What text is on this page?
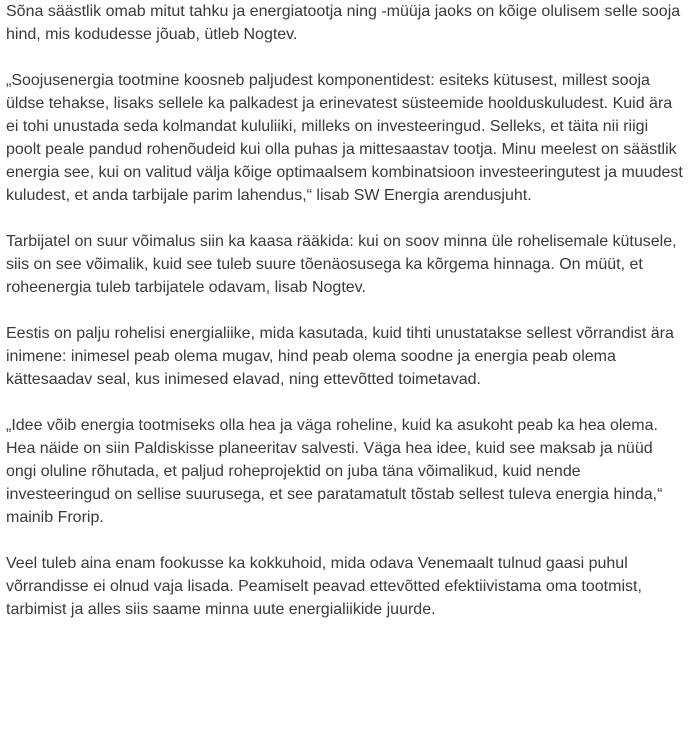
Sõna säästlik omab mitut tahku ja energiatootja ning -müüja jaoks on kõige olulisem selle sooja hind, mis kodudesse jõuab, ütleb Nogtev.

„Soojusenergia tootmine koosneb paljudest komponentidest: esiteks kütusest, millest sooja üldse tehakse, lisaks sellele ka palkadest ja erinevatest süsteemide hoolduskuludest. Kuid ära ei tohi unustada seda kolmandat kululiiki, milleks on investeeringud. Selleks, et täita nii riigi poolt peale pandud rohenõudeid kui olla puhas ja mittesaastav tootja. Minu meelest on säästlik energia see, kui on valitud välja kõige optimaalsem kombinatsioon investeeringutest ja muudest kuludest, et anda tarbijale parim lahendus,“ lisab SW Energia arendusjuht.

Tarbijatel on suur võimalus siin ka kaasa rääkida: kui on soov minna üle rohelisemale kütusele, siis on see võimalik, kuid see tuleb suure tõenäosusega ka kõrgema hinnaga. On müüt, et roheenergia tuleb tarbijatele odavam, lisab Nogtev.

Eestis on palju rohelisi energialiike, mida kasutada, kuid tihti unustatakse sellest võrrandist ära inimene: inimesel peab olema mugav, hind peab olema soodne ja energia peab olema kättesaadav seal, kus inimesed elavad, ning ettevõtted toimetavad.

„Idee võib energia tootmiseks olla hea ja väga roheline, kuid ka asukoht peab ka hea olema. Hea näide on siin Paldiskisse planeeritav salvesti. Väga hea idee, kuid see maksab ja nüüd ongi oluline rõhutada, et paljud roheprojektid on juba täna võimalikud, kuid nende investeeringud on sellise suurusega, et see paratamatult tõstab sellest tuleva energia hinda,“ mainib Frorip.

Veel tuleb aina enam fookusse ka kokkuhoid, mida odava Venemaalt tulnud gaasi puhul võrrandisse ei olnud vaja lisada. Peamiselt peavad ettevõtted efektiivistama oma tootmist, tarbimist ja alles siis saame minna uute energialiikide juurde.
